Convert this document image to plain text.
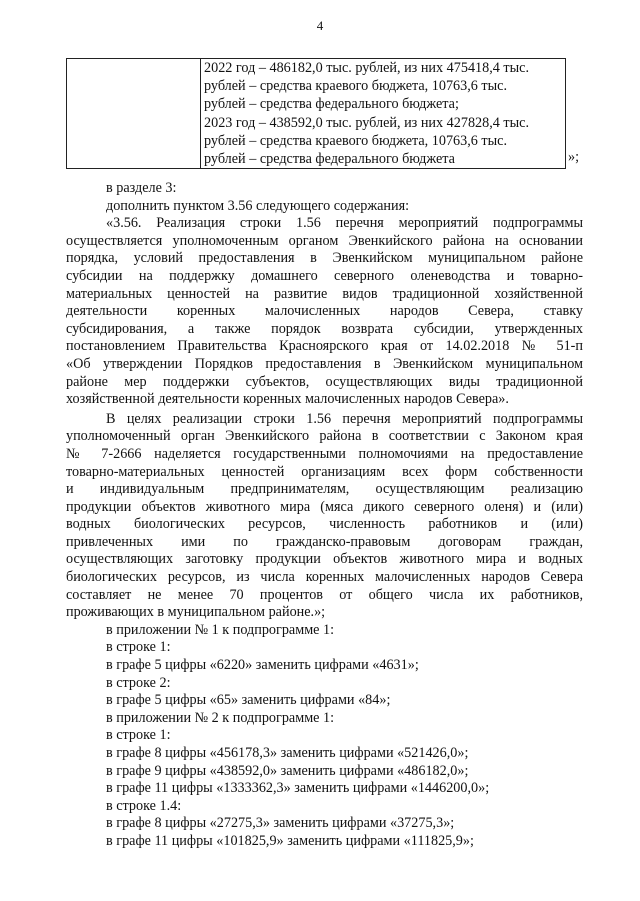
4

2022 год – 486182,0 тыс. рублей, из них 475418,4 тыс.
рублей – средства краевого бюджета, 10763,6 тыс.
рублей – средства федерального бюджета;
2023 год – 438592,0 тыс. рублей, из них 427828,4 тыс.
рублей – средства краевого бюджета, 10763,6 тыс.
рублей – средства федерального бюджета	»;

в разделе 3:

дополнить пунктом 3.56 следующего содержания:

«3.56. Реализация строки 1.56 перечня мероприятий подпрограммы

осуществляется уполномоченным органом Эвенкийского района на основании

порядка, условий предоставления в Эвенкийском муниципальном районе

субсидии на поддержку домашнего северного оленеводства и товарно-

материальных ценностей на развитие видов традиционной хозяйственной

деятельности коренных малочисленных народов Севера, ставку

субсидирования, а также порядок возврата субсидии, утвержденных

постановлением Правительства Красноярского края от 14.02.2018 № 51-п

«Об утверждении Порядков предоставления в Эвенкийском муниципальном

районе мер поддержки субъектов, осуществляющих виды традиционной

хозяйственной деятельности коренных малочисленных народов Севера».

В целях реализации строки 1.56 перечня мероприятий подпрограммы

уполномоченный орган Эвенкийского района в соответствии с Законом края

№ 7-2666 наделяется государственными полномочиями на предоставление

товарно-материальных ценностей организациям всех форм собственности

и индивидуальным предпринимателям, осуществляющим реализацию

продукции объектов животного мира (мяса дикого северного оленя) и (или)

водных биологических ресурсов, численность работников и (или)

привлеченных ими по гражданско-правовым договорам граждан,

осуществляющих заготовку продукции объектов животного мира и водных

биологических ресурсов, из числа коренных малочисленных народов Севера

составляет не менее 70 процентов от общего числа их работников,

проживающих в муниципальном районе.»;

в приложении № 1 к подпрограмме 1:

в строке 1:

в графе 5 цифры «6220» заменить цифрами «4631»;

в строке 2:

в графе 5 цифры «65» заменить цифрами «84»;

в приложении № 2 к подпрограмме 1:

в строке 1:

в графе 8 цифры «456178,3» заменить цифрами «521426,0»;

в графе 9 цифры «438592,0» заменить цифрами «486182,0»;

в графе 11 цифры «1333362,3» заменить цифрами «1446200,0»;

в строке 1.4:

в графе 8 цифры «27275,3» заменить цифрами «37275,3»;

в графе 11 цифры «101825,9» заменить цифрами «111825,9»;
